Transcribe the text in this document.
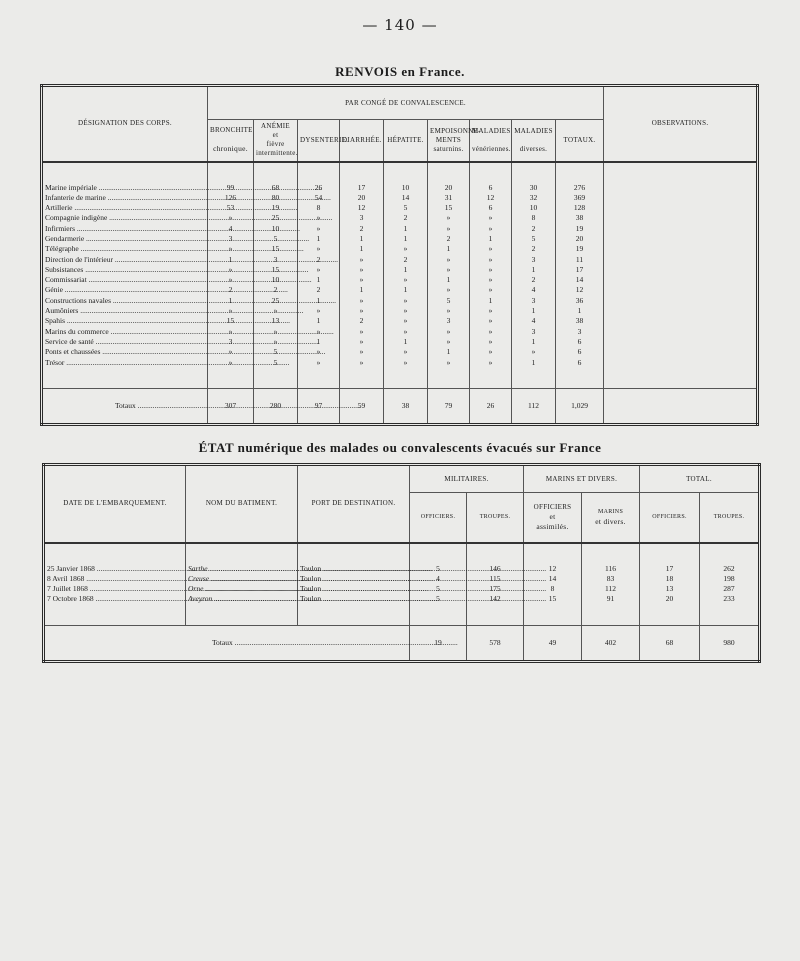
— 140 —
RENVOIS en France.
DÉSIGNATION DES CORPS.	PAR CONGÉ DE CONVALESCENCE.									OBSERVATIONS.
	BRONCHITE

chronique.	ANÉMIE
et
fièvre
intermittente.	DYSENTERIE.	DIARRHÉE.	HÉPATITE.	EMPOISONNE-
MENTS
saturnins.	MALADIES

vénériennes.	MALADIES

diverses.	TOTAUX.	

Marine impériale .....	99	68	26	17	10	20	6	30	276	

Infanterie de marine .....	126	80	54	20	14	31	12	32	369	

Artillerie .....	53	19	8	12	5	15	6	10	128	

Compagnie indigène .....	»	25	»	3	2	»	»	8	38	

Infirmiers .....	4	10	»	2	1	»	»	2	19	

Gendarmerie .....	3	5	1	1	1	2	1	5	20	

Télégraphe .....	»	15	»	1	»	1	»	2	19	

Direction de l'intérieur .....	1	3	2	»	2	»	»	3	11	

Subsistances .....	»	15	»	»	1	»	»	1	17	

Commissariat .....	»	10	1	»	»	1	»	2	14	

Génie .....	2	2	2	1	1	»	»	4	12	

Constructions navales .....	1	25	1	»	»	5	1	3	36	

Aumôniers .....	»	»	»	»	»	»	»	1	1	

Spahis .....	15	13	1	2	»	3	»	4	38	

Marins du commerce .....	»	»	»	»	»	»	»	3	3	

Service de santé .....	3	»	1	»	1	»	»	1	6	

Ponts et chaussées .....	»	5	»	»	»	1	»	»	6	

Trésor .....	»	5	»	»	»	»	»	1	6	

Totaux .....	307	280	97	59	38	79	26	112	1,029	
ÉTAT numérique des malades ou convalescents évacués sur France
DATE DE L'EMBARQUEMENT.	NOM DU BATIMENT.	PORT DE DESTINATION.	MILITAIRES.		MARINS ET DIVERS.		TOTAL.	
			OFFICIERS.	TROUPES.	OFFICIERS
et
assimilés.	MARINS
et divers.	OFFICIERS.	TROUPES.

25 Janvier 1868 .....	Sarthe .....	Toulon .....	5	146	12	116	17	262

8 Avril 1868 .....	Creuse .....	Toulon .....	4	115	14	83	18	198

7 Juillet 1868 .....	Orne .....	Toulon .....	5	175	8	112	13	287

7 Octobre 1868 .....	Aveyron .....	Toulon .....	5	142	15	91	20	233

Totaux .....			19	578	49	402	68	980
